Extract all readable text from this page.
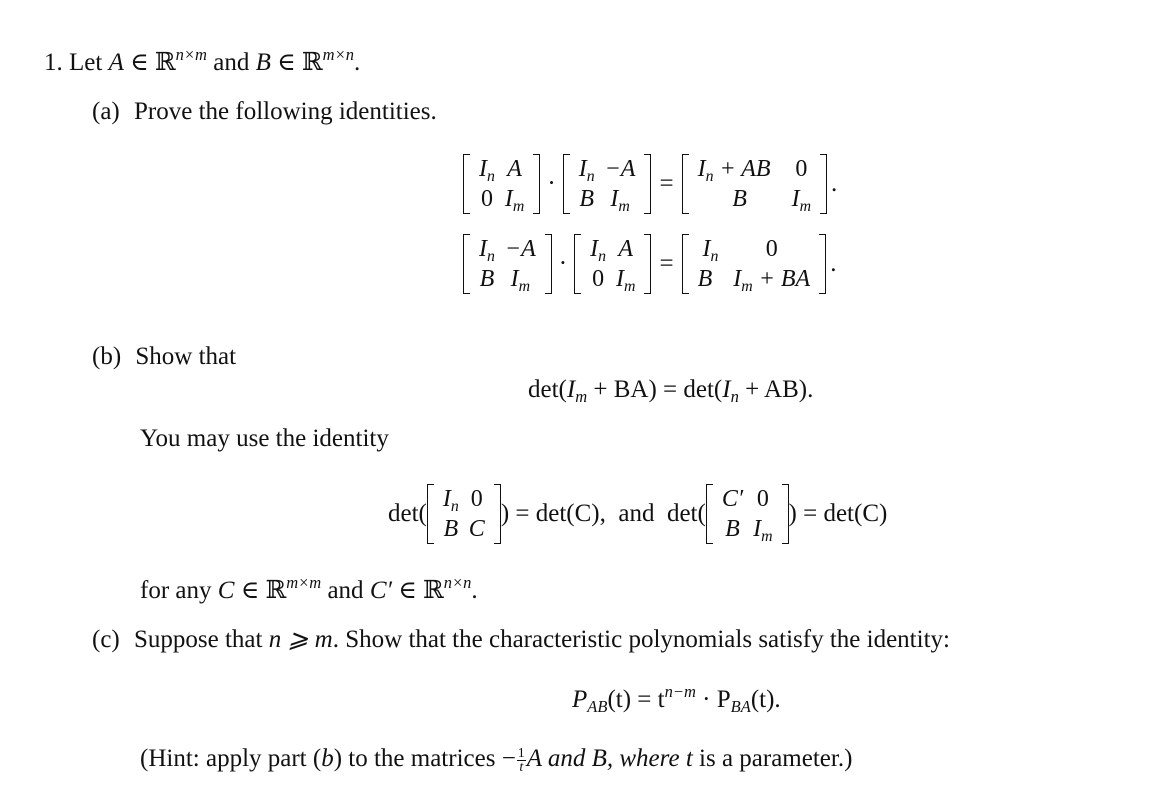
1. Let A ∈ ℝ$^{n\times m}$ and B ∈ ℝ$^{m\times n}$.
(a) Prove the following identities.
$I_n$	A
0	$I_m$
·
$I_n$	−A
B	$I_m$
=
$I_n$ + AB	0
B	$I_m$
.
$I_n$	−A
B	$I_m$
·
$I_n$	A
0	$I_m$
=
$I_n$	0
B	$I_m$ + BA
.
(b) Show that
$\det(I_m + BA) = \det(I_n + AB)$.
You may use the identity
det(
$I_n$	0
B	C
) = det(C),  and  det(
C′	0
B	$I_m$
) = det(C)
for any C ∈ ℝ$^{m\times m}$ and C′ ∈ ℝ$^{n\times n}$.
(c) Suppose that n ⩾ m. Show that the characteristic polynomials satisfy the identity:
$P_{AB}(t) = t^{n-m} \cdot P_{BA}(t)$.
(Hint: apply part (b) to the matrices − $\frac{1}{t}$ A and B, where t is a parameter.)
